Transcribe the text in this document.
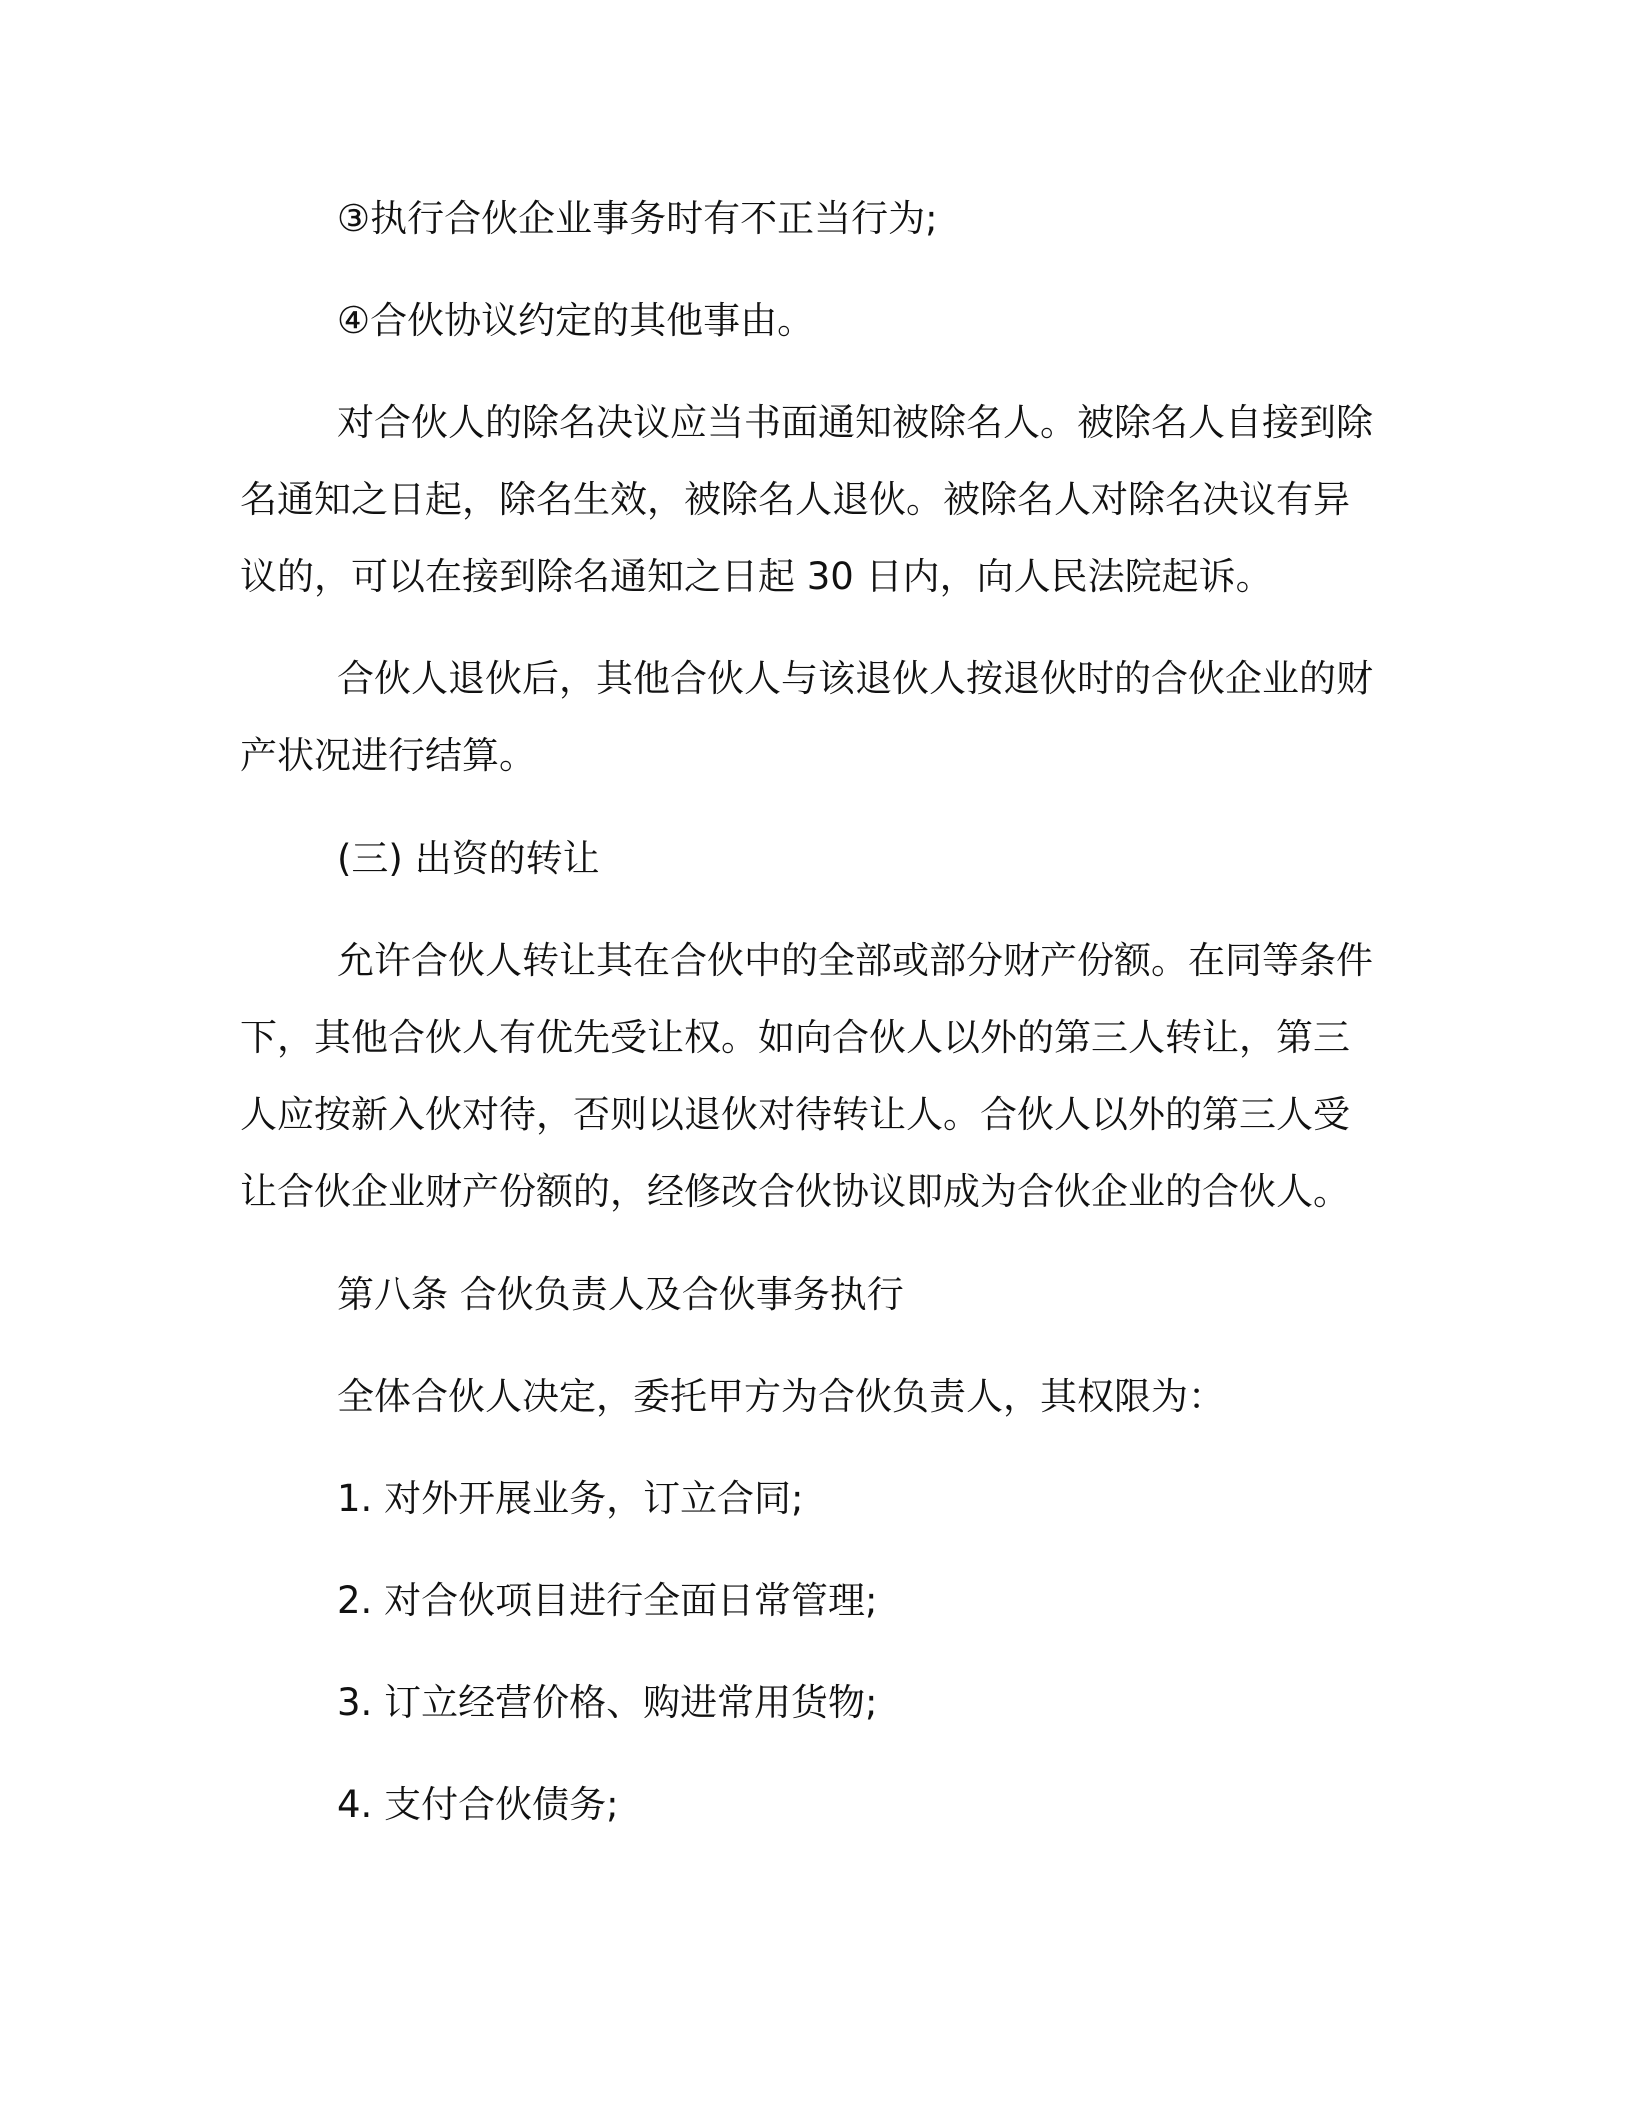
③执行合伙企业事务时有不正当行为;

④合伙协议约定的其他事由。

对合伙人的除名决议应当书面通知被除名人。被除名人自接到除
名通知之日起，除名生效，被除名人退伙。被除名人对除名决议有异
议的，可以在接到除名通知之日起 30 日内，向人民法院起诉。

合伙人退伙后，其他合伙人与该退伙人按退伙时的合伙企业的财
产状况进行结算。

(三) 出资的转让

允许合伙人转让其在合伙中的全部或部分财产份额。在同等条件
下，其他合伙人有优先受让权。如向合伙人以外的第三人转让，第三
人应按新入伙对待，否则以退伙对待转让人。合伙人以外的第三人受
让合伙企业财产份额的，经修改合伙协议即成为合伙企业的合伙人。

第八条 合伙负责人及合伙事务执行

全体合伙人决定，委托甲方为合伙负责人，其权限为：

1. 对外开展业务，订立合同;

2. 对合伙项目进行全面日常管理;

3. 订立经营价格、购进常用货物;

4. 支付合伙债务;
